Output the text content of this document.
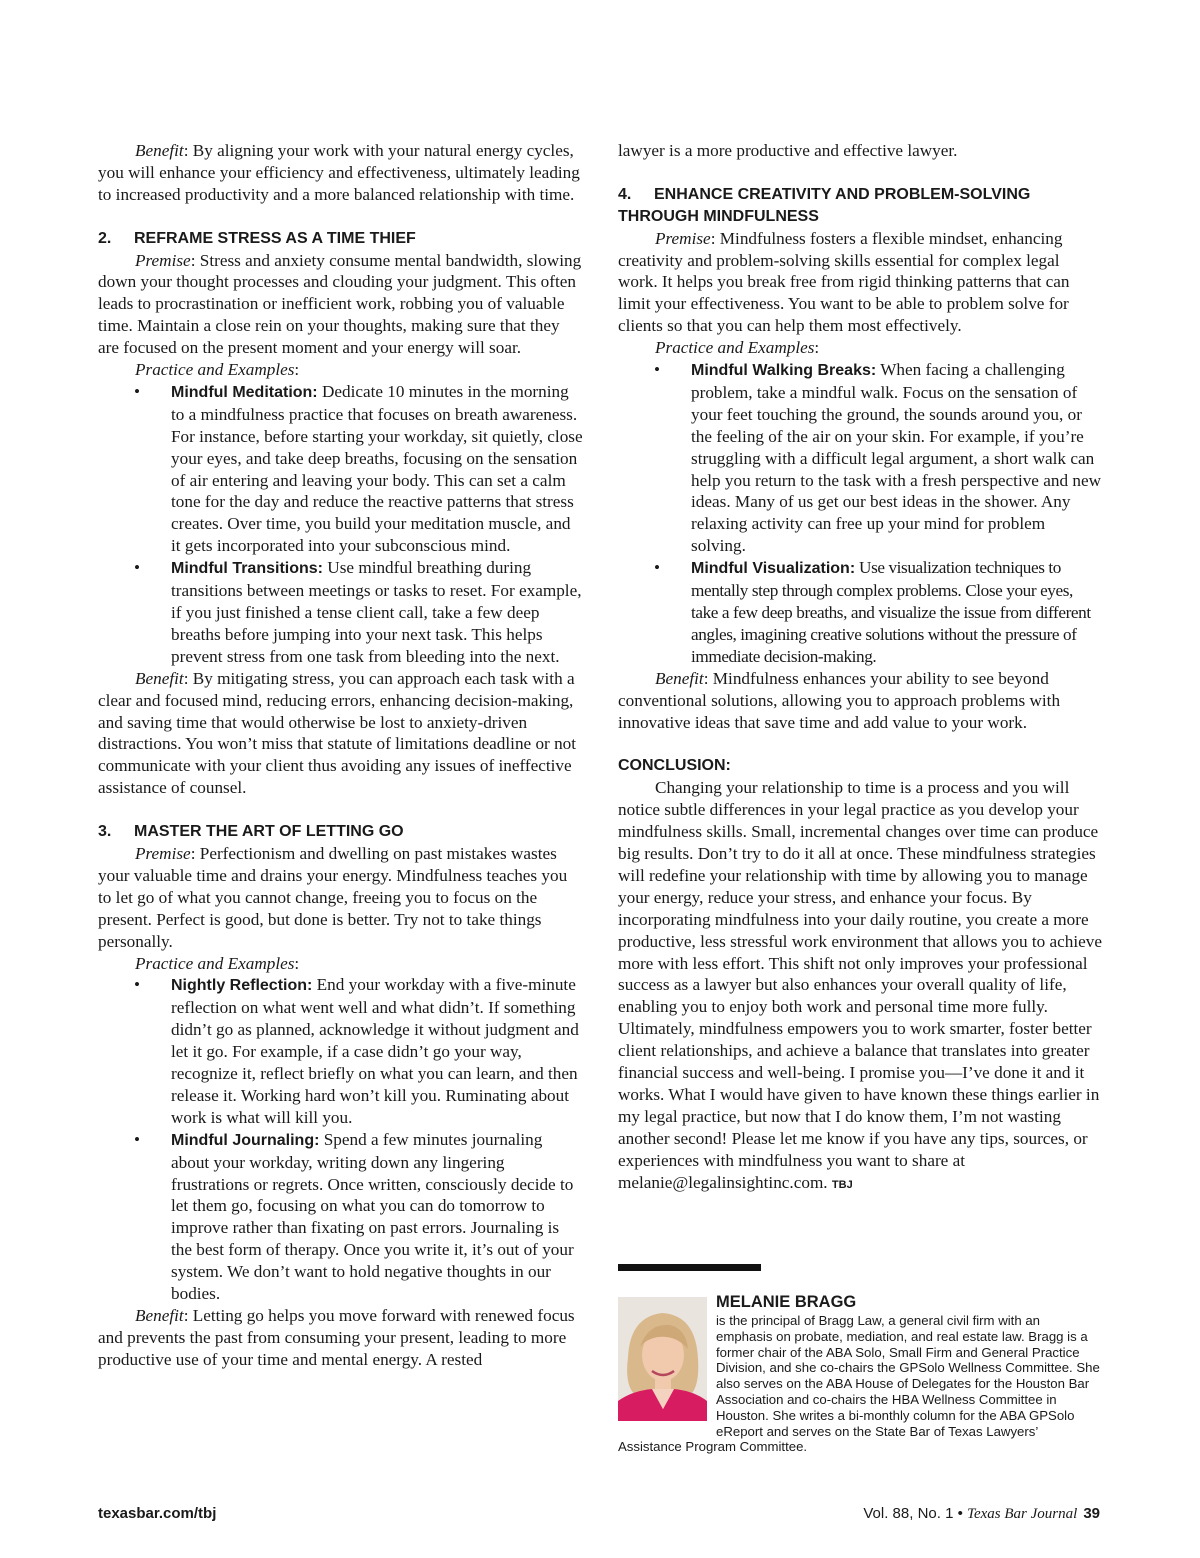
Benefit: By aligning your work with your natural energy cycles, you will enhance your efficiency and effectiveness, ultimately leading to increased productivity and a more balanced relationship with time.

2. REFRAME STRESS AS A TIME THIEF

Premise: Stress and anxiety consume mental bandwidth, slowing down your thought processes and clouding your judgment. This often leads to procrastination or inefficient work, robbing you of valuable time. Maintain a close rein on your thoughts, making sure that they are focused on the present moment and your energy will soar.

Practice and Examples:

• Mindful Meditation: Dedicate 10 minutes in the morning to a mindfulness practice that focuses on breath awareness. For instance, before starting your workday, sit quietly, close your eyes, and take deep breaths, focusing on the sensation of air entering and leaving your body. This can set a calm tone for the day and reduce the reactive patterns that stress creates. Over time, you build your meditation muscle, and it gets incorporated into your subconscious mind.
• Mindful Transitions: Use mindful breathing during transitions between meetings or tasks to reset. For example, if you just finished a tense client call, take a few deep breaths before jumping into your next task. This helps prevent stress from one task from bleeding into the next.

Benefit: By mitigating stress, you can approach each task with a clear and focused mind, reducing errors, enhancing decision-making, and saving time that would otherwise be lost to anxiety-driven distractions. You won’t miss that statute of limitations deadline or not communicate with your client thus avoiding any issues of ineffective assistance of counsel.

3. MASTER THE ART OF LETTING GO

Premise: Perfectionism and dwelling on past mistakes wastes your valuable time and drains your energy. Mindfulness teaches you to let go of what you cannot change, freeing you to focus on the present. Perfect is good, but done is better. Try not to take things personally.

Practice and Examples:

• Nightly Reflection: End your workday with a five-minute reflection on what went well and what didn’t. If something didn’t go as planned, acknowledge it without judgment and let it go. For example, if a case didn’t go your way, recognize it, reflect briefly on what you can learn, and then release it. Working hard won’t kill you. Ruminating about work is what will kill you.
• Mindful Journaling: Spend a few minutes journaling about your workday, writing down any lingering frustrations or regrets. Once written, consciously decide to let them go, focusing on what you can do tomorrow to improve rather than fixating on past errors. Journaling is the best form of therapy. Once you write it, it’s out of your system. We don’t want to hold negative thoughts in our bodies.

Benefit: Letting go helps you move forward with renewed focus and prevents the past from consuming your present, leading to more productive use of your time and mental energy. A rested

lawyer is a more productive and effective lawyer.

4. ENHANCE CREATIVITY AND PROBLEM-SOLVING THROUGH MINDFULNESS

Premise: Mindfulness fosters a flexible mindset, enhancing creativity and problem-solving skills essential for complex legal work. It helps you break free from rigid thinking patterns that can limit your effectiveness. You want to be able to problem solve for clients so that you can help them most effectively.

Practice and Examples:

• Mindful Walking Breaks: When facing a challenging problem, take a mindful walk. Focus on the sensation of your feet touching the ground, the sounds around you, or the feeling of the air on your skin. For example, if you’re struggling with a difficult legal argument, a short walk can help you return to the task with a fresh perspective and new ideas. Many of us get our best ideas in the shower. Any relaxing activity can free up your mind for problem solving.
• Mindful Visualization: Use visualization techniques to mentally step through complex problems. Close your eyes, take a few deep breaths, and visualize the issue from different angles, imagining creative solutions without the pressure of immediate decision-making.

Benefit: Mindfulness enhances your ability to see beyond conventional solutions, allowing you to approach problems with innovative ideas that save time and add value to your work.

CONCLUSION:

Changing your relationship to time is a process and you will notice subtle differences in your legal practice as you develop your mindfulness skills. Small, incremental changes over time can produce big results. Don’t try to do it all at once. These mindfulness strategies will redefine your relationship with time by allowing you to manage your energy, reduce your stress, and enhance your focus. By incorporating mindfulness into your daily routine, you create a more productive, less stressful work environment that allows you to achieve more with less effort. This shift not only improves your professional success as a lawyer but also enhances your overall quality of life, enabling you to enjoy both work and personal time more fully. Ultimately, mindfulness empowers you to work smarter, foster better client relationships, and achieve a balance that translates into greater financial success and well-being. I promise you—I’ve done it and it works. What I would have given to have known these things earlier in my legal practice, but now that I do know them, I’m not wasting another second! Please let me know if you have any tips, sources, or experiences with mindfulness you want to share at melanie@legalinsightinc.com. TBJ

MELANIE BRAGG
is the principal of Bragg Law, a general civil firm with an emphasis on probate, mediation, and real estate law. Bragg is a former chair of the ABA Solo, Small Firm and General Practice Division, and she co-chairs the GPSolo Wellness Committee. She also serves on the ABA House of Delegates for the Houston Bar Association and co-chairs the HBA Wellness Committee in Houston. She writes a bi-monthly column for the ABA GPSolo eReport and serves on the State Bar of Texas Lawyers’ Assistance Program Committee.
texasbar.com/tbj	Vol. 88, No. 1 • Texas Bar Journal 39
